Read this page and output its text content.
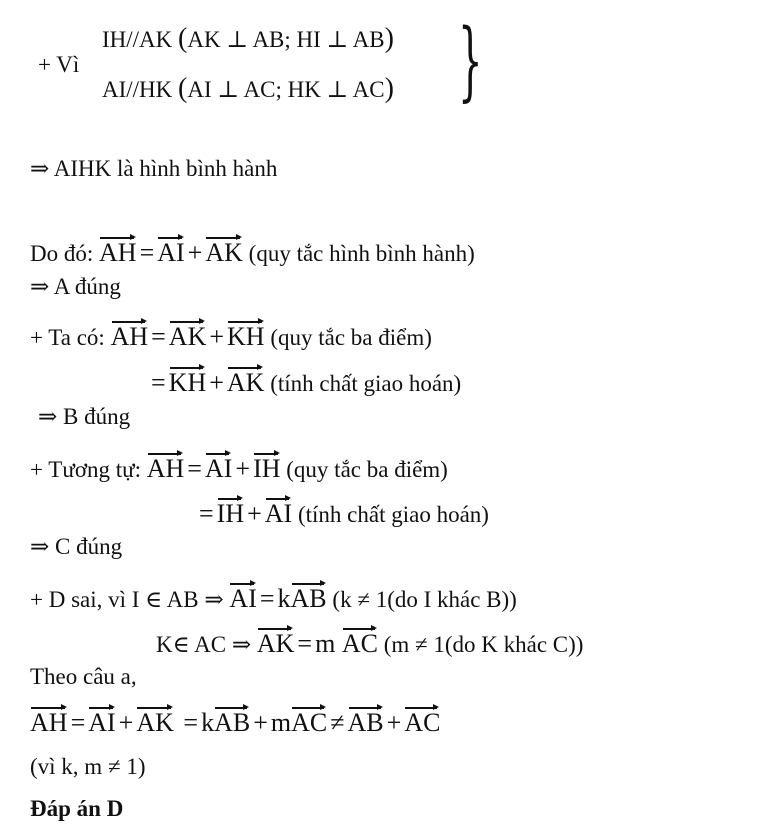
+ Vì
IH//AK (AK ⊥ AB; HI ⊥ AB)
AI//HK (AI ⊥ AC; HK ⊥ AC) }
⇒ AIHK là hình bình hành
Do đó: AH = AI + AK (quy tắc hình bình hành)
⇒ A đúng
+ Ta có: AH = AK + KH (quy tắc ba điểm)
= KH + AK (tính chất giao hoán)
⇒ B đúng
+ Tương tự: AH = AI + IH (quy tắc ba điểm)
= IH + AI (tính chất giao hoán)
⇒ C đúng
+ D sai, vì I ∈ AB ⇒ AI = kAB (k ≠ 1(do I khác B))
K∈ AC ⇒ AK = m AC (m ≠ 1(do K khác C))
Theo câu a,
AH = AI + AK = kAB + mAC ≠ AB + AC
(vì k, m ≠ 1)
Đáp án D
